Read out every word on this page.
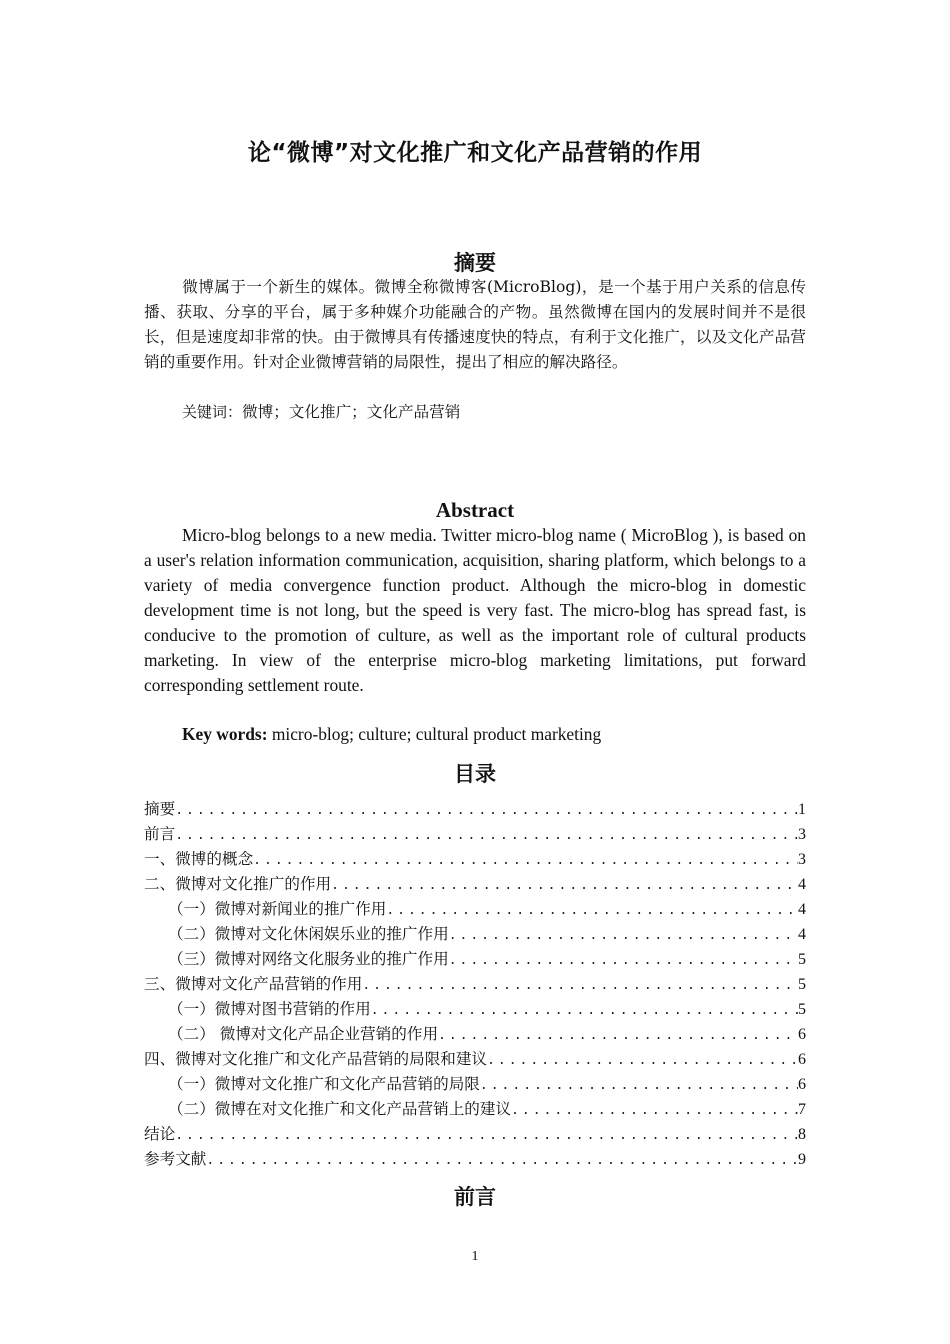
论“微博”对文化推广和文化产品营销的作用
摘要
微博属于一个新生的媒体。微博全称微博客(MicroBlog)，是一个基于用户关系的信息传播、获取、分享的平台，属于多种媒介功能融合的产物。虽然微博在国内的发展时间并不是很长，但是速度却非常的快。由于微博具有传播速度快的特点，有利于文化推广，以及文化产品营销的重要作用。针对企业微博营销的局限性，提出了相应的解决路径。
关键词：微博；文化推广；文化产品营销
Abstract
Micro-blog belongs to a new media. Twitter micro-blog name ( MicroBlog ), is based on a user's relation information communication, acquisition, sharing platform, which belongs to a variety of media convergence function product. Although the micro-blog in domestic development time is not long, but the speed is very fast. The micro-blog has spread fast, is conducive to the promotion of culture, as well as the important role of cultural products marketing. In view of the enterprise micro-blog marketing limitations, put forward corresponding settlement route.
Key words: micro-blog; culture; cultural product marketing
目录
摘要 .....	1
前言 .....	3
一、微博的概念 .....	3
二、微博对文化推广的作用 .....	4
（一）微博对新闻业的推广作用 .....	4
（二）微博对文化休闲娱乐业的推广作用 .....	4
（三）微博对网络文化服务业的推广作用 .....	5
三、微博对文化产品营销的作用 .....	5
（一）微博对图书营销的作用 .....	5
（二） 微博对文化产品企业营销的作用 .....	6
四、微博对文化推广和文化产品营销的局限和建议 .....	6
（一）微博对文化推广和文化产品营销的局限 .....	6
（二）微博在对文化推广和文化产品营销上的建议 .....	7
结论 .....	8
参考文献 .....	9
前言
1
